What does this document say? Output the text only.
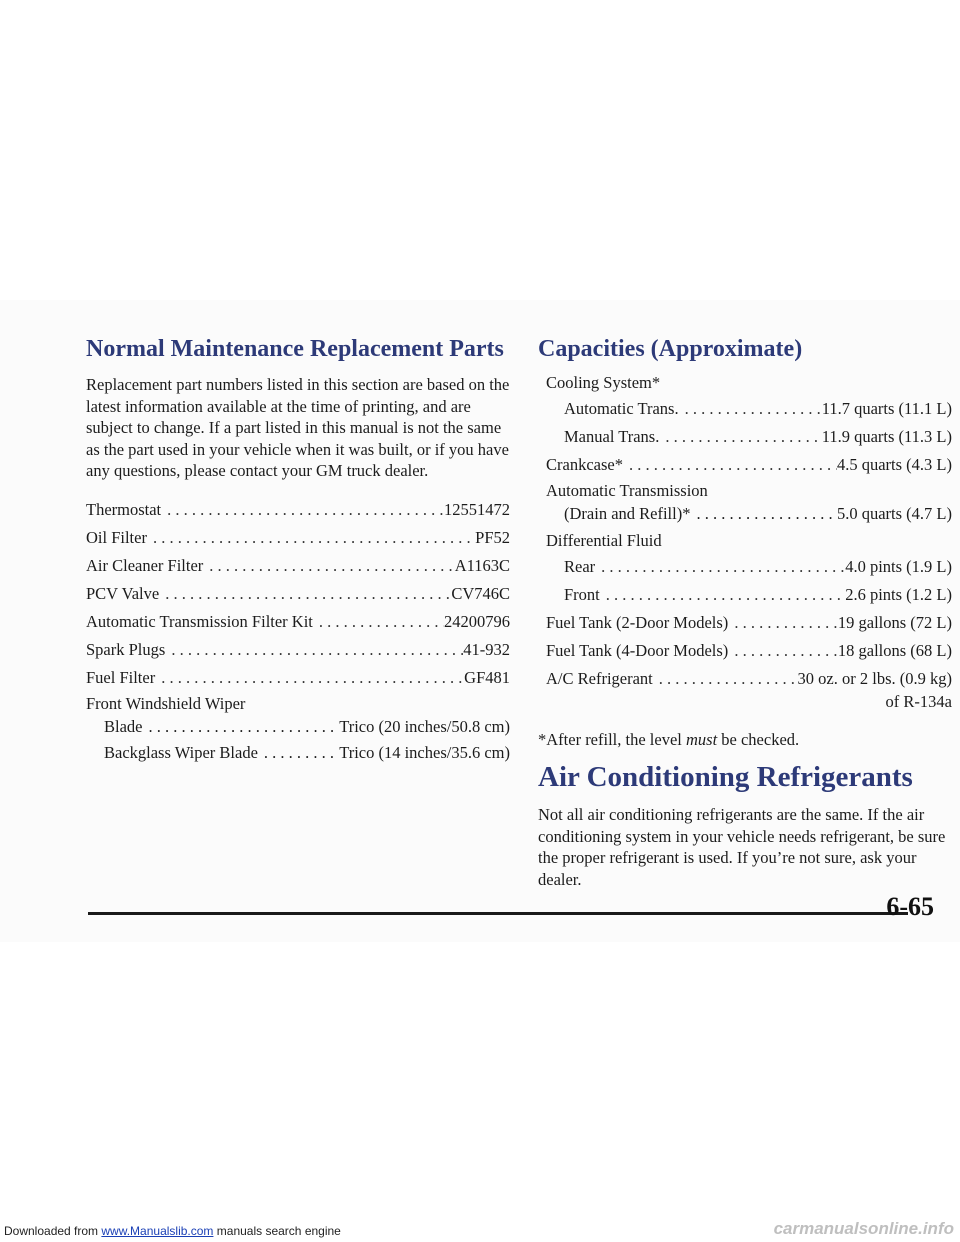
Normal Maintenance Replacement Parts

Replacement part numbers listed in this section are based on the latest information available at the time of printing, and are subject to change. If a part listed in this manual is not the same as the part used in your vehicle when it was built, or if you have any questions, please contact your GM truck dealer.

Thermostat . . .	12551472
Oil Filter . . .	PF52
Air Cleaner Filter . . .	A1163C
PCV Valve . . .	CV746C
Automatic Transmission Filter Kit . . .	24200796
Spark Plugs . . .	41-932
Fuel Filter . . .	GF481
Front Windshield Wiper
Blade . . .	Trico (20 inches/50.8 cm)
Backglass Wiper Blade . . .	Trico (14 inches/35.6 cm)
Capacities (Approximate)
Cooling System*
Automatic Trans. . . .	11.7 quarts (11.1 L)
Manual Trans. . . .	11.9 quarts (11.3 L)
Crankcase* . . .	4.5 quarts (4.3 L)
Automatic Transmission
(Drain and Refill)* . . .	5.0 quarts (4.7 L)
Differential Fluid
Rear . . .	4.0 pints (1.9 L)
Front . . .	2.6 pints (1.2 L)
Fuel Tank (2-Door Models) . . .	19 gallons (72 L)
Fuel Tank (4-Door Models) . . .	18 gallons (68 L)
A/C Refrigerant . . .	30 oz. or 2 lbs. (0.9 kg)
of R-134a
*After refill, the level must be checked.
Air Conditioning Refrigerants

Not all air conditioning refrigerants are the same. If the air conditioning system in your vehicle needs refrigerant, be sure the proper refrigerant is used. If you’re not sure, ask your dealer.

6-65
Downloaded from www.Manualslib.com manuals search engine	carmanualsonline.info
